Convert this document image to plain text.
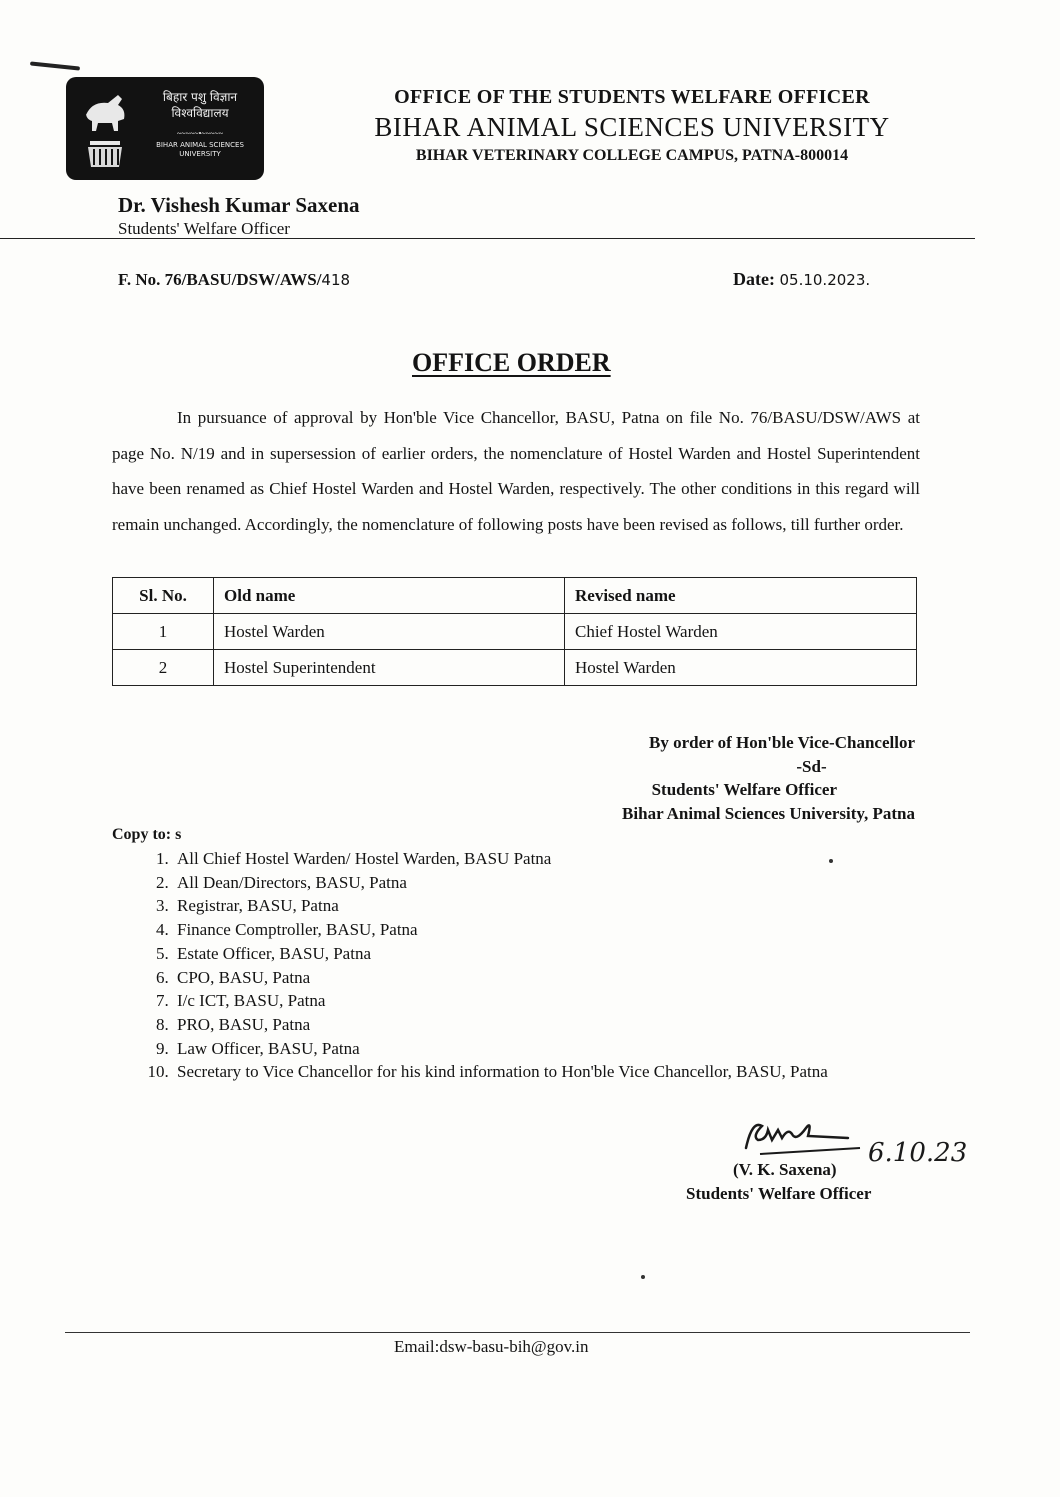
बिहार पशु विज्ञान
विश्वविद्यालय
~~~~~•~~~~~
BIHAR ANIMAL SCIENCES
UNIVERSITY
OFFICE OF THE STUDENTS WELFARE OFFICER
BIHAR ANIMAL SCIENCES UNIVERSITY
BIHAR VETERINARY COLLEGE CAMPUS, PATNA-800014
Dr. Vishesh Kumar Saxena
Students' Welfare Officer
F. No. 76/BASU/DSW/AWS/418	Date: 05.10.2023.
OFFICE ORDER
In pursuance of approval by Hon'ble Vice Chancellor, BASU, Patna on file No. 76/BASU/DSW/AWS at page No. N/19 and in supersession of earlier orders, the nomenclature of Hostel Warden and Hostel Superintendent have been renamed as Chief Hostel Warden and Hostel Warden, respectively. The other conditions in this regard will remain unchanged. Accordingly, the nomenclature of following posts have been revised as follows, till further order.
Sl. No.	Old name	Revised name
1	Hostel Warden	Chief Hostel Warden
2	Hostel Superintendent	Hostel Warden
By order of Hon'ble Vice-Chancellor
-Sd-
Students' Welfare Officer
Bihar Animal Sciences University, Patna
Copy to: s
1. All Chief Hostel Warden/ Hostel Warden, BASU Patna
2. All Dean/Directors, BASU, Patna
3. Registrar, BASU, Patna
4. Finance Comptroller, BASU, Patna
5. Estate Officer, BASU, Patna
6. CPO, BASU, Patna
7. I/c ICT, BASU, Patna
8. PRO, BASU, Patna
9. Law Officer, BASU, Patna
10. Secretary to Vice Chancellor for his kind information to Hon'ble Vice Chancellor, BASU, Patna
6.10.23
(V. K. Saxena)
Students' Welfare Officer
Email:dsw-basu-bih@gov.in
